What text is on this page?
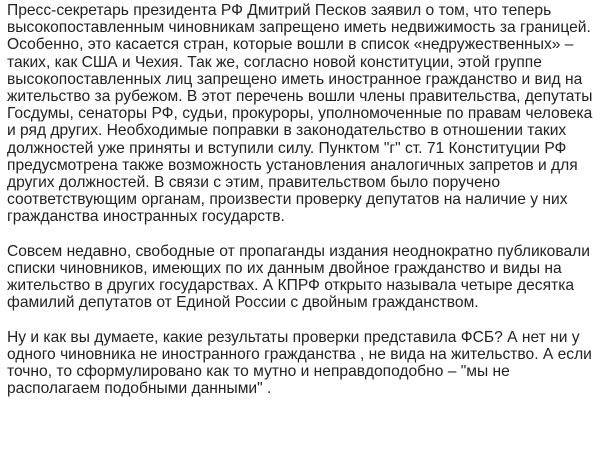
Пресс-секретарь президента РФ Дмитрий Песков заявил о том, что теперь высокопоставленным чиновникам запрещено иметь недвижимость за границей. Особенно, это касается стран, которые вошли в список «недружественных» – таких, как США и Чехия. Так же, согласно новой конституции, этой группе высокопоставленных лиц запрещено иметь иностранное гражданство и вид на жительство за рубежом. В этот перечень вошли члены правительства, депутаты Госдумы, сенаторы РФ, судьи, прокуроры, уполномоченные по правам человека и ряд других. Необходимые поправки в законодательство в отношении таких должностей уже приняты и вступили силу. Пунктом "г" ст. 71 Конституции РФ предусмотрена также возможность установления аналогичных запретов и для других должностей. В связи с этим, правительством было поручено соответствующим органам, произвести проверку депутатов на наличие у них гражданства иностранных государств.

Совсем недавно, свободные от пропаганды издания неоднократно публиковали списки чиновников, имеющих по их данным двойное гражданство и виды на жительство в других государствах. А КПРФ открыто называла четыре десятка фамилий депутатов от Единой России с двойным гражданством.

Ну и как вы думаете, какие результаты проверки представила ФСБ? А нет ни у одного чиновника не иностранного гражданства , не вида на жительство. А если точно, то сформулировано как то мутно и неправдоподобно – "мы не располагаем подобными данными" .
